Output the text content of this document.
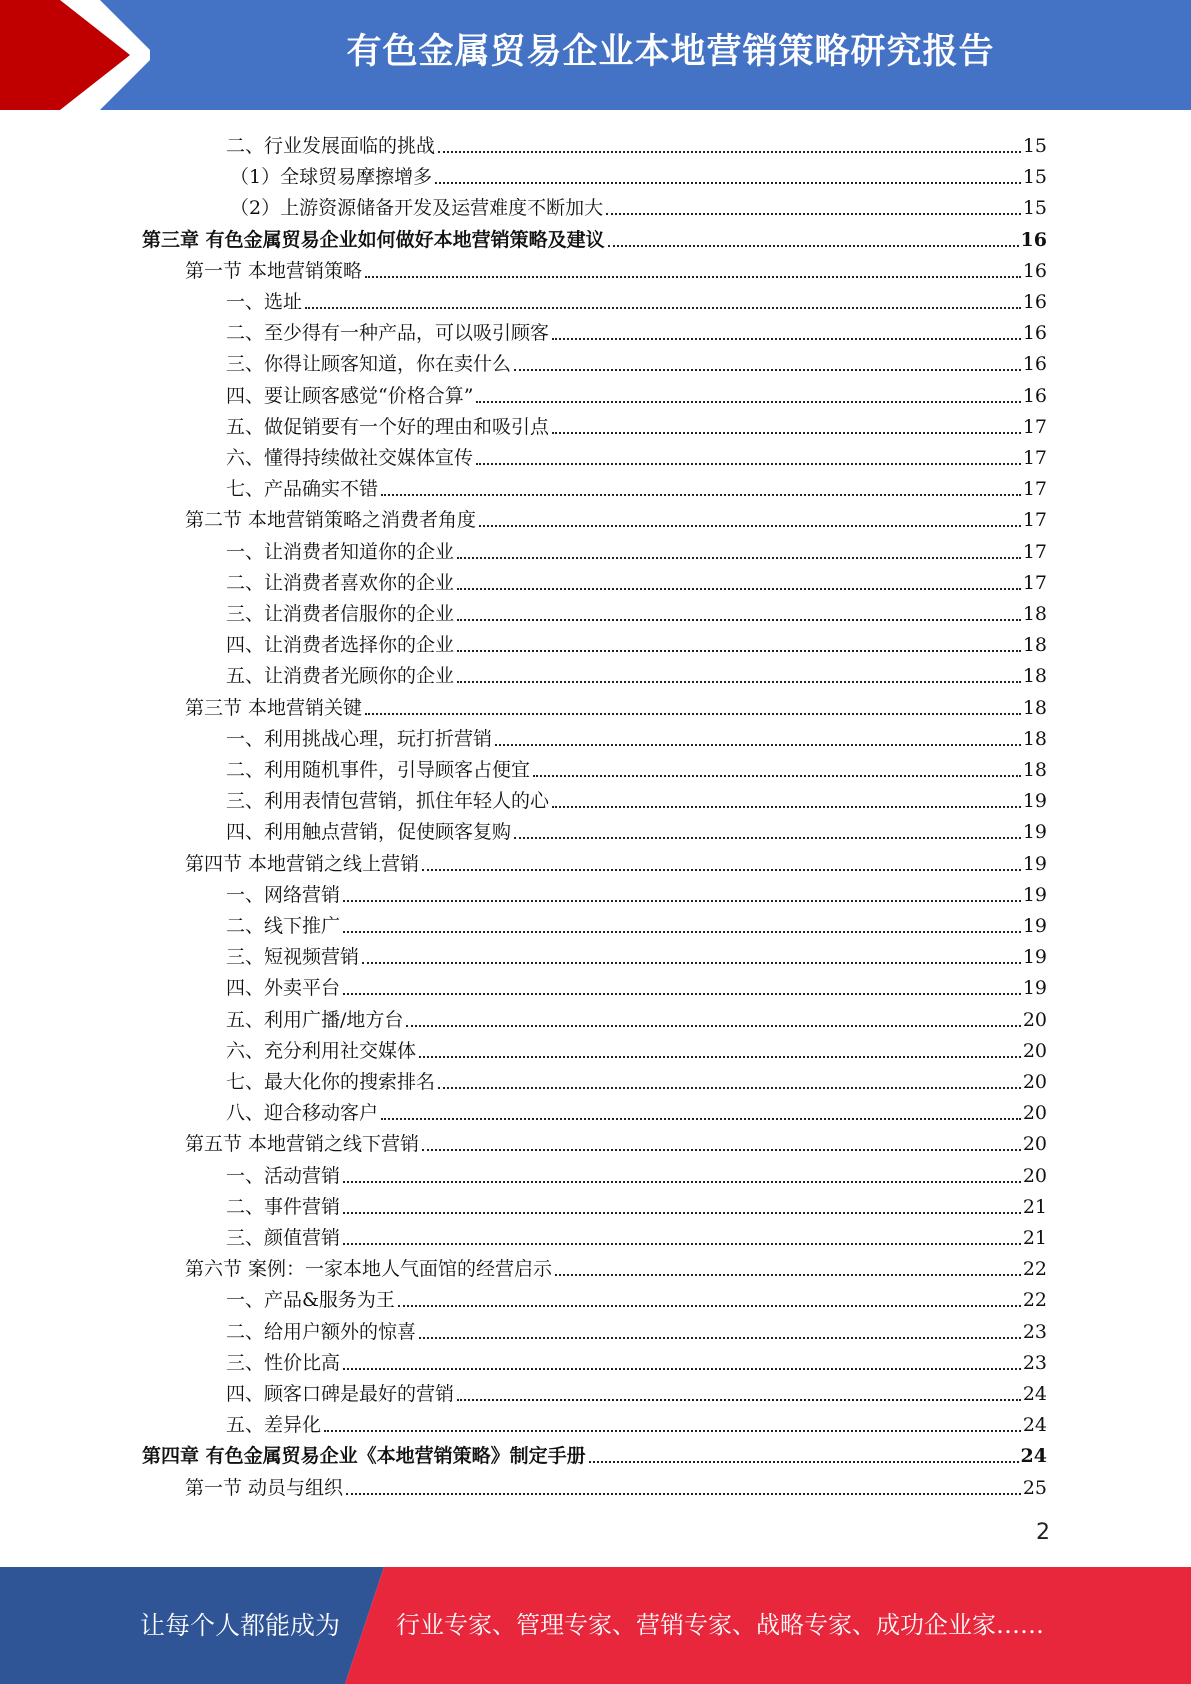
有色金属贸易企业本地营销策略研究报告
二、行业发展面临的挑战	15
（1）全球贸易摩擦增多	15
（2）上游资源储备开发及运营难度不断加大	15
第三章 有色金属贸易企业如何做好本地营销策略及建议	16
第一节 本地营销策略	16
一、选址	16
二、至少得有一种产品，可以吸引顾客	16
三、你得让顾客知道，你在卖什么	16
四、要让顾客感觉“价格合算”	16
五、做促销要有一个好的理由和吸引点	17
六、懂得持续做社交媒体宣传	17
七、产品确实不错	17
第二节 本地营销策略之消费者角度	17
一、让消费者知道你的企业	17
二、让消费者喜欢你的企业	17
三、让消费者信服你的企业	18
四、让消费者选择你的企业	18
五、让消费者光顾你的企业	18
第三节 本地营销关键	18
一、利用挑战心理，玩打折营销	18
二、利用随机事件，引导顾客占便宜	18
三、利用表情包营销，抓住年轻人的心	19
四、利用触点营销，促使顾客复购	19
第四节 本地营销之线上营销	19
一、网络营销	19
二、线下推广	19
三、短视频营销	19
四、外卖平台	19
五、利用广播/地方台	20
六、充分利用社交媒体	20
七、最大化你的搜索排名	20
八、迎合移动客户	20
第五节 本地营销之线下营销	20
一、活动营销	20
二、事件营销	21
三、颜值营销	21
第六节 案例：一家本地人气面馆的经营启示	22
一、产品&服务为王	22
二、给用户额外的惊喜	23
三、性价比高	23
四、顾客口碑是最好的营销	24
五、差异化	24
第四章 有色金属贸易企业《本地营销策略》制定手册	24
第一节 动员与组织	25
2
让每个人都能成为 行业专家、管理专家、营销专家、战略专家、成功企业家……
